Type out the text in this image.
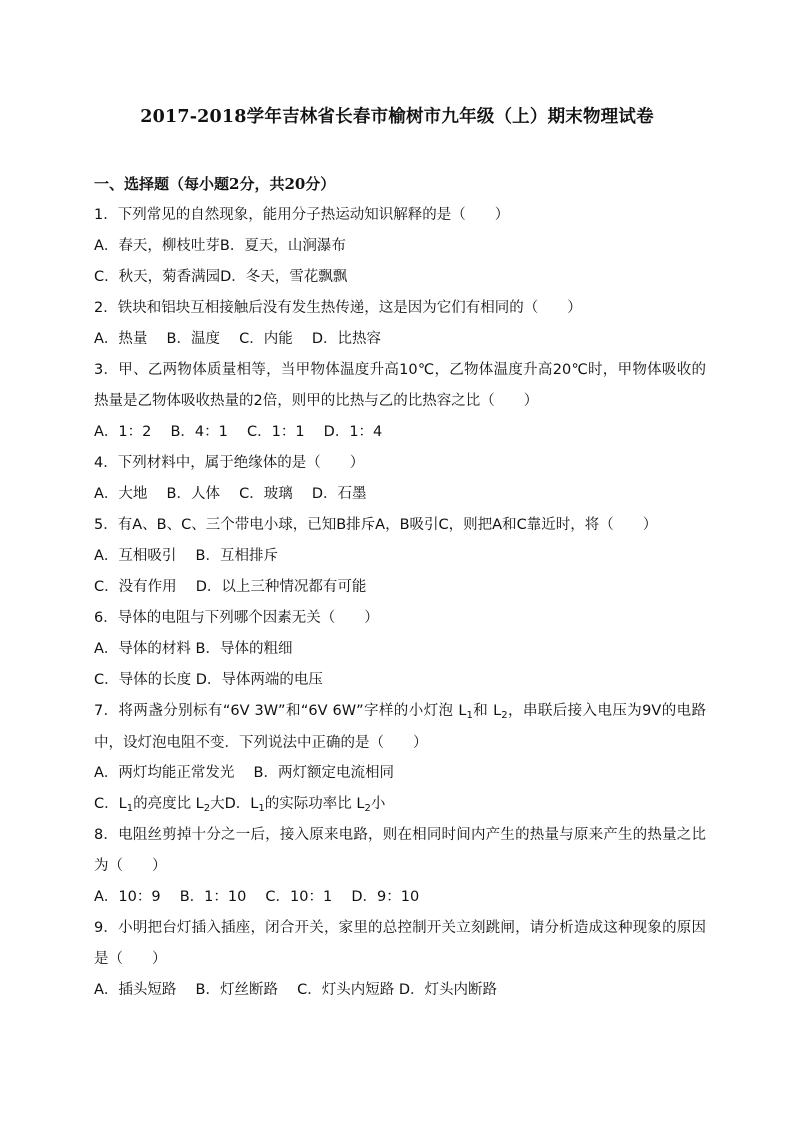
2017-2018学年吉林省长春市榆树市九年级（上）期末物理试卷
一、选择题（每小题2分，共20分）
1．下列常见的自然现象，能用分子热运动知识解释的是（　　）
A．春天，柳枝吐芽B．夏天，山涧瀑布
C．秋天，菊香满园D．冬天，雪花飘飘
2．铁块和铝块互相接触后没有发生热传递，这是因为它们有相同的（　　）
A．热量　 B．温度　 C．内能　 D．比热容
3．甲、乙两物体质量相等，当甲物体温度升高10℃，乙物体温度升高20℃时，甲物体吸收的热量是乙物体吸收热量的2倍，则甲的比热与乙的比热容之比（　　）
A．1：2　 B．4：1　 C．1：1　 D．1：4
4．下列材料中，属于绝缘体的是（　　）
A．大地　 B．人体　 C．玻璃　 D．石墨
5．有A、B、C、三个带电小球，已知B排斥A，B吸引C，则把A和C靠近时，将（　　）
A．互相吸引　 B．互相排斥
C．没有作用　 D．以上三种情况都有可能
6．导体的电阻与下列哪个因素无关（　　）
A．导体的材料 B．导体的粗细
C．导体的长度 D．导体两端的电压
7．将两盏分别标有“6V 3W”和“6V 6W”字样的小灯泡 $L_1$和 $L_2$，串联后接入电压为9V的电路中，设灯泡电阻不变．下列说法中正确的是（　　）
A．两灯均能正常发光　 B．两灯额定电流相同
C．$L_1$的亮度比 $L_2$大D．$L_1$的实际功率比 $L_2$小
8．电阻丝剪掉十分之一后，接入原来电路，则在相同时间内产生的热量与原来产生的热量之比为（　　）
A．10：9　 B．1：10　 C．10：1　 D．9：10
9．小明把台灯插入插座，闭合开关，家里的总控制开关立刻跳闸，请分析造成这种现象的原因是（　　）
A．插头短路　 B．灯丝断路　 C．灯头内短路 D．灯头内断路
